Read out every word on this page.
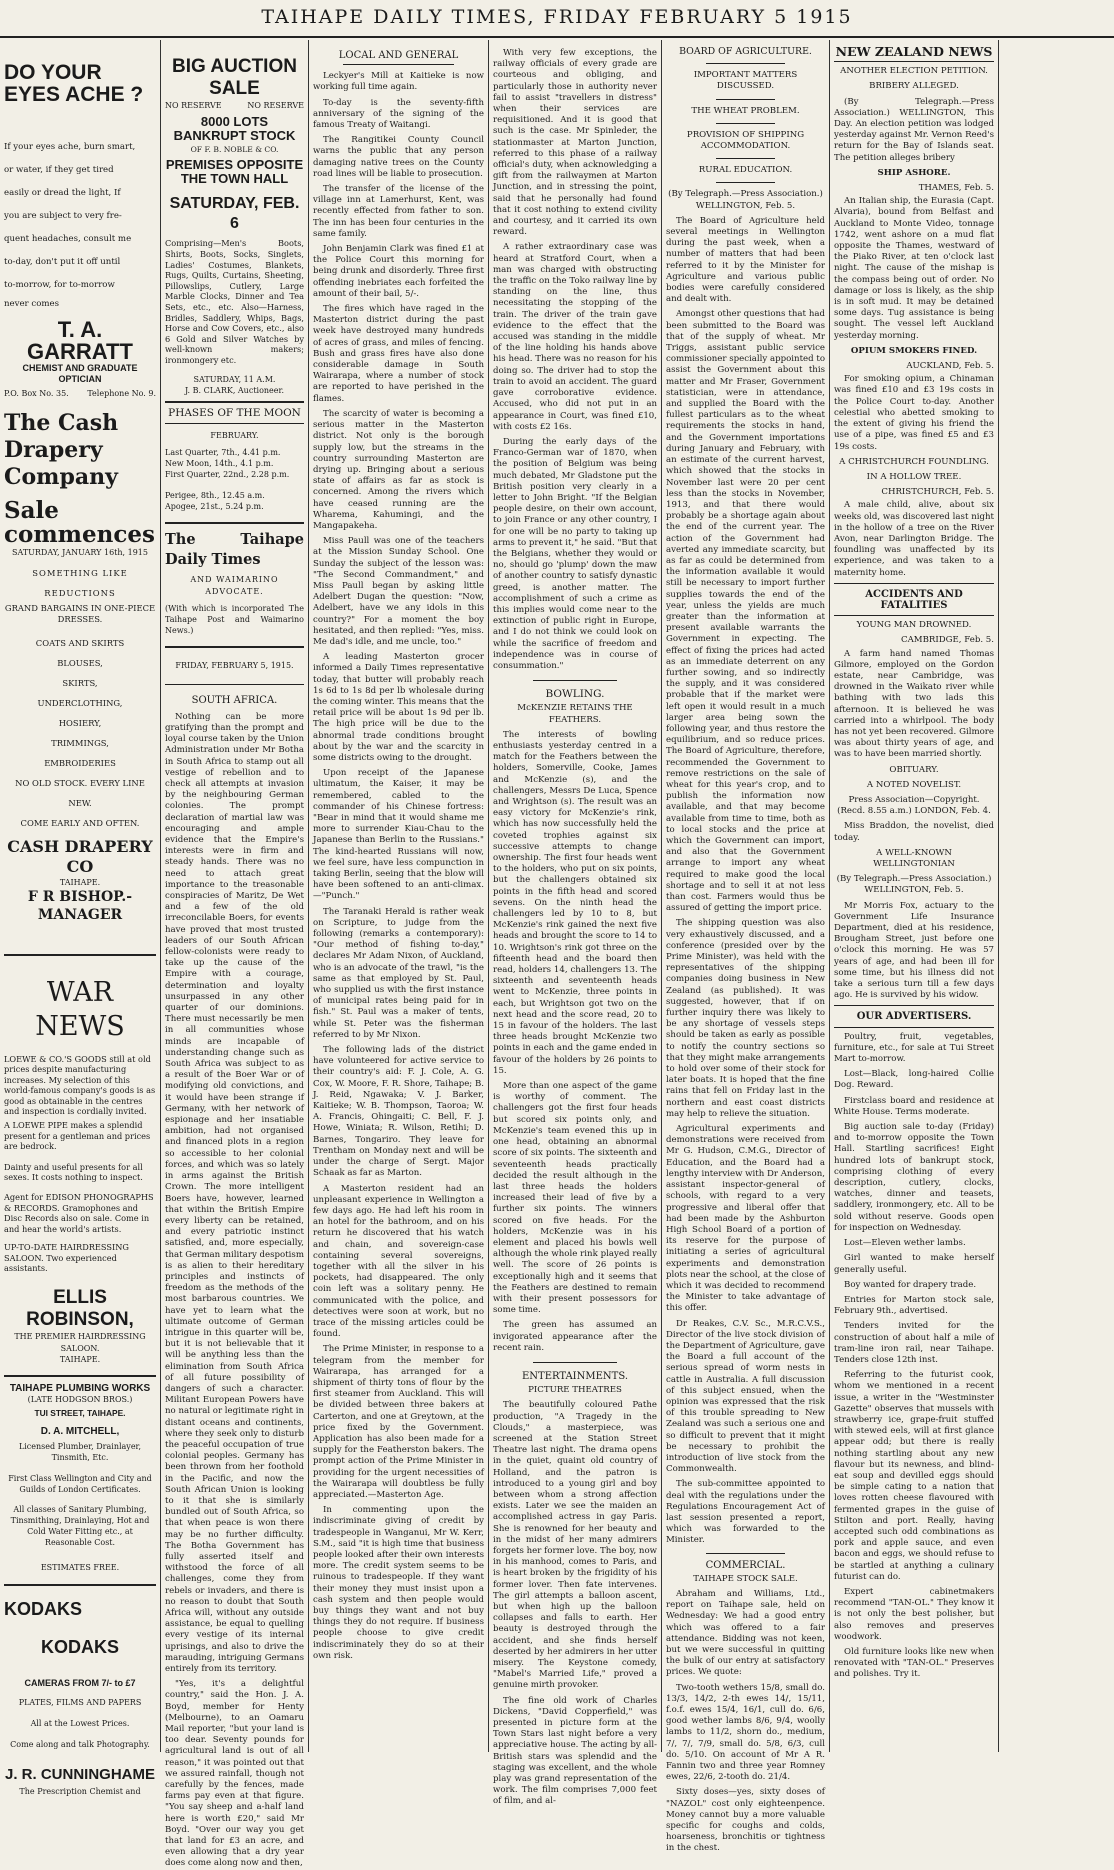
TAIHAPE DAILY TIMES, FRIDAY FEBRUARY 5 1915
DO YOUR EYES ACHE ?
If your eyes ache, burn smart,
or water, if they get tired
easily or dread the light, If
you are subject to very fre-
quent headaches, consult me
to-day, don't put it off until
to-morrow, for to-morrow
never comes
T. A. GARRATT
CHEMIST AND GRADUATE
OPTICIAN
P.O. Box No. 35. Telephone No. 9.
The Cash Drapery Company
Sale commences
SATURDAY, JANUARY 16th, 1915
SOMETHING LIKE REDUCTIONS
GRAND BARGAINS IN ONE-PIECE DRESSES.
COATS AND SKIRTS
BLOUSES,
SKIRTS,
UNDERCLOTHING,
HOSIERY,
TRIMMINGS,
EMBROIDERIES
NO OLD STOCK. EVERY LINE NEW.
COME EARLY AND OFTEN.
CASH DRAPERY CO
TAIHAPE.
F R BISHOP.-MANAGER
WAR NEWS

LOEWE & CO.'S GOODS still at old prices despite manufacturing increases. My selection of this world-famous company's goods is as good as obtainable in the centres and inspection is cordially invited.

A LOEWE PIPE makes a splendid present for a gentleman and prices are bedrock.

Dainty and useful presents for all sexes. It costs nothing to inspect.

Agent for EDISON PHONOGRAPHS & RECORDS. Gramophones and Disc Records also on sale. Come in and hear the world's artists.

UP-TO-DATE HAIRDRESSING SALOON. Two experienced assistants.

ELLIS ROBINSON,
THE PREMIER HAIRDRESSING SALOON.
TAIHAPE.
TAIHAPE PLUMBING WORKS
(LATE HODGSON BROS.)
TUI STREET, TAIHAPE.
D. A. MITCHELL,
Licensed Plumber, Drainlayer, Tinsmith, Etc.
First Class Wellington and City and Guilds of London Certificates.
All classes of Sanitary Plumbing, Tinsmithing, Drainlaying, Hot and Cold Water Fitting etc., at Reasonable Cost.
ESTIMATES FREE.
KODAKS
KODAKS
CAMERAS FROM 7/- to £7
PLATES, FILMS AND PAPERS
All at the Lowest Prices.
Come along and talk Photography.
J. R. CUNNINGHAME
The Prescription Chemist and
BIG AUCTION SALE
NO RESERVE	NO RESERVE
8000 LOTS BANKRUPT STOCK
OF F. B. NOBLE & CO.
PREMISES OPPOSITE THE TOWN HALL
SATURDAY, FEB. 6
Comprising—Men's Boots, Shirts, Boots, Socks, Singlets, Ladies' Costumes, Blankets, Rugs, Quilts, Curtains, Sheeting, Pillowslips, Cutlery, Large Marble Clocks, Dinner and Tea Sets, etc., etc. Also—Harness, Bridles, Saddlery, Whips, Bags, Horse and Cow Covers, etc., also 6 Gold and Silver Watches by well-known makers; ironmongery etc.
SATURDAY, 11 A.M.
J. B. CLARK, Auctioneer.
PHASES OF THE MOON
FEBRUARY.
Last Quarter, 7th., 4.41 p.m.
New Moon, 14th., 4.1 p.m.
First Quarter, 22nd., 2.28 p.m.
Perigee, 8th., 12.45 a.m.
Apogee, 21st., 5.24 p.m.
The Taihape Daily Times
AND WAIMARINO ADVOCATE.
(With which is incorporated The Taihape Post and Waimarino News.)
FRIDAY, FEBRUARY 5, 1915.
SOUTH AFRICA.

Nothing can be more gratifying than the prompt and loyal course taken by the Union Administration under Mr Botha in South Africa to stamp out all vestige of rebellion and to check all attempts at invasion by the neighbouring German colonies. The prompt declaration of martial law was encouraging and ample evidence that the Empire's interests were in firm and steady hands. There was no need to attach great importance to the treasonable conspiracies of Maritz, De Wet and a few of the old irreconcilable Boers, for events have proved that most trusted leaders of our South African fellow-colonists were ready to take up the cause of the Empire with a courage, determination and loyalty unsurpassed in any other quarter of our dominions. There must necessarily be men in all communities whose minds are incapable of understanding change such as South Africa was subject to as a result of the Boer War or of modifying old convictions, and it would have been strange if Germany, with her network of espionage and her insatiable ambition, had not organised and financed plots in a region so accessible to her colonial forces, and which was so lately in arms against the British Crown. The more intelligent Boers have, however, learned that within the British Empire every liberty can be retained, and every patriotic instinct satisfied, and, more especially, that German military despotism is as alien to their hereditary principles and instincts of freedom as the methods of the most barbarous countries. We have yet to learn what the ultimate outcome of German intrigue in this quarter will be, but it is not believable that it will be anything less than the elimination from South Africa of all future possibility of dangers of such a character. Militant European Powers have no natural or legitimate right in distant oceans and continents, where they seek only to disturb the peaceful occupation of true colonial peoples. Germany has been thrown from her foothold in the Pacific, and now the South African Union is looking to it that she is similarly bundled out of South Africa, so that when peace is won there may be no further difficulty. The Botha Government has fully asserted itself and withstood the force of all challenges, come they from rebels or invaders, and there is no reason to doubt that South Africa will, without any outside assistance, be equal to quelling every vestige of its internal uprisings, and also to drive the marauding, intriguing Germans entirely from its territory.

"Yes, it's a delightful country," said the Hon. J. A. Boyd, member for Henty (Melbourne), to an Oamaru Mail reporter, "but your land is too dear. Seventy pounds for agricultural land is out of all reason," it was pointed out that we assured rainfall, though not carefully by the fences, made farms pay even at that figure. "You say sheep and a-half land here is worth £20," said Mr Boyd. "Over our way you get that land for £3 an acre, and even allowing that a dry year does come along now and then,

LOCAL AND GENERAL

Leckyer's Mill at Kaitieke is now working full time again.

To-day is the seventy-fifth anniversary of the signing of the famous Treaty of Waitangi.

The Rangitikei County Council warns the public that any person damaging native trees on the County road lines will be liable to prosecution.

The transfer of the license of the village inn at Lamerhurst, Kent, was recently effected from father to son. The inn has been four centuries in the same family.

John Benjamin Clark was fined £1 at the Police Court this morning for being drunk and disorderly. Three first offending inebriates each forfeited the amount of their bail, 5/-.

The fires which have raged in the Masterton district during the past week have destroyed many hundreds of acres of grass, and miles of fencing. Bush and grass fires have also done considerable damage in South Wairarapa, where a number of stock are reported to have perished in the flames.

The scarcity of water is becoming a serious matter in the Masterton district. Not only is the borough supply low, but the streams in the country surrounding Masterton are drying up. Bringing about a serious state of affairs as far as stock is concerned. Among the rivers which have ceased running are the Wharema, Kahumingi, and the Mangapakeha.

Miss Paull was one of the teachers at the Mission Sunday School. One Sunday the subject of the lesson was: "The Second Commandment," and Miss Paull began by asking little Adelbert Dugan the question: "Now, Adelbert, have we any idols in this country?" For a moment the boy hesitated, and then replied: "Yes, miss. Me dad's idle, and me uncle, too."

A leading Masterton grocer informed a Daily Times representative today, that butter will probably reach 1s 6d to 1s 8d per lb wholesale during the coming winter. This means that the retail price will be about 1s 9d per lb. The high price will be due to the abnormal trade conditions brought about by the war and the scarcity in some districts owing to the drought.

Upon receipt of the Japanese ultimatum, the Kaiser, it may be remembered, cabled to the commander of his Chinese fortress: "Bear in mind that it would shame me more to surrender Kiau-Chau to the Japanese than Berlin to the Russians." The kind-hearted Russians will now, we feel sure, have less compunction in taking Berlin, seeing that the blow will have been softened to an anti-climax.—"Punch."

The Taranaki Herald is rather weak on Scripture, to judge from the following (remarks a contemporary): "Our method of fishing to-day," declares Mr Adam Nixon, of Auckland, who is an advocate of the trawl, "is the same as that employed by St. Paul, who supplied us with the first instance of municipal rates being paid for in fish." St. Paul was a maker of tents, while St. Peter was the fisherman referred to by Mr Nixon.

The following lads of the district have volunteered for active service to their country's aid: F. J. Cole, A. G. Cox, W. Moore, F. R. Shore, Taihape; B. J. Reid, Ngawaka; V. J. Barker, Kaitieke; W. B. Thompson, Taoroa; W. A. Francis, Ohingaiti; C. Bell, F. J. Howe, Winiata; R. Wilson, Retihi; D. Barnes, Tongariro. They leave for Trentham on Monday next and will be under the charge of Sergt. Major Schaak as far as Marton.

A Masterton resident had an unpleasant experience in Wellington a few days ago. He had left his room in an hotel for the bathroom, and on his return he discovered that his watch and chain, and sovereign-case containing several sovereigns, together with all the silver in his pockets, had disappeared. The only coin left was a solitary penny. He communicated with the police, and detectives were soon at work, but no trace of the missing articles could be found.

The Prime Minister, in response to a telegram from the member for Wairarapa, has arranged for a shipment of thirty tons of flour by the first steamer from Auckland. This will be divided between three bakers at Carterton, and one at Greytown, at the price fixed by the Government. Application has also been made for a supply for the Featherston bakers. The prompt action of the Prime Minister in providing for the urgent necessities of the Wairarapa will doubtless be fully appreciated.—Masterton Age.

In commenting upon the indiscriminate giving of credit by tradespeople in Wanganui, Mr W. Kerr, S.M., said "it is high time that business people looked after their own interests more. The credit system seems to be ruinous to tradespeople. If they want their money they must insist upon a cash system and then people would buy things they want and not buy things they do not require. If business people choose to give credit indiscriminately they do so at their own risk.

With very few exceptions, the railway officials of every grade are courteous and obliging, and particularly those in authority never fail to assist "travellers in distress" when their services are requisitioned. And it is good that such is the case. Mr Spinleder, the stationmaster at Marton Junction, referred to this phase of a railway official's duty, when acknowledging a gift from the railwaymen at Marton Junction, and in stressing the point, said that he personally had found that it cost nothing to extend civility and courtesy, and it carried its own reward.

A rather extraordinary case was heard at Stratford Court, when a man was charged with obstructing the traffic on the Toko railway line by standing on the line, thus necessitating the stopping of the train. The driver of the train gave evidence to the effect that the accused was standing in the middle of the line holding his hands above his head. There was no reason for his doing so. The driver had to stop the train to avoid an accident. The guard gave corroborative evidence. Accused, who did not put in an appearance in Court, was fined £10, with costs £2 16s.

During the early days of the Franco-German war of 1870, when the position of Belgium was being much debated, Mr Gladstone put the British position very clearly in a letter to John Bright. "If the Belgian people desire, on their own account, to join France or any other country, I for one will be no party to taking up arms to prevent it," he said. "But that the Belgians, whether they would or no, should go 'plump' down the maw of another country to satisfy dynastic greed, is another matter. The accomplishment of such a crime as this implies would come near to the extinction of public right in Europe, and I do not think we could look on while the sacrifice of freedom and independence was in course of consummation."

BOWLING.
McKENZIE RETAINS THE FEATHERS.

The interests of bowling enthusiasts yesterday centred in a match for the Feathers between the holders, Somerville, Cooke, James and McKenzie (s), and the challengers, Messrs De Luca, Spence and Wrightson (s). The result was an easy victory for McKenzie's rink, which has now successfully held the coveted trophies against six successive attempts to change ownership. The first four heads went to the holders, who put on six points, but the challengers obtained six points in the fifth head and scored sevens. On the ninth head the challengers led by 10 to 8, but McKenzie's rink gained the next five heads and brought the score to 14 to 10. Wrightson's rink got three on the fifteenth head and the board then read, holders 14, challengers 13. The sixteenth and seventeenth heads went to McKenzie, three points in each, but Wrightson got two on the next head and the score read, 20 to 15 in favour of the holders. The last three heads brought McKenzie two points in each and the game ended in favour of the holders by 26 points to 15.

More than one aspect of the game is worthy of comment. The challengers got the first four heads but scored six points only, and McKenzie's team evened this up in one head, obtaining an abnormal score of six points. The sixteenth and seventeenth heads practically decided the result although in the last three heads the holders increased their lead of five by a further six points. The winners scored on five heads. For the holders, McKenzie was in his element and placed his bowls well although the whole rink played really well. The score of 26 points is exceptionally high and it seems that the Feathers are destined to remain with their present possessors for some time.

The green has assumed an invigorated appearance after the recent rain.

ENTERTAINMENTS.
PICTURE THEATRES

The beautifully coloured Pathe production, "A Tragedy in the Clouds," a masterpiece, was screened at the Station Street Theatre last night. The drama opens in the quiet, quaint old country of Holland, and the patron is introduced to a young girl and boy between whom a strong affection exists. Later we see the maiden an accomplished actress in gay Paris. She is renowned for her beauty and in the midst of her many admirers forgets her former love. The boy, now in his manhood, comes to Paris, and is heart broken by the frigidity of his former lover. Then fate intervenes. The girl attempts a balloon ascent, but when high up the balloon collapses and falls to earth. Her beauty is destroyed through the accident, and she finds herself deserted by her admirers in her utter misery. The Keystone comedy, "Mabel's Married Life," proved a genuine mirth provoker.

The fine old work of Charles Dickens, "David Copperfield," was presented in picture form at the Town Stars last night before a very appreciative house. The acting by all-British stars was splendid and the staging was excellent, and the whole play was grand representation of the work. The film comprises 7,000 feet of film, and al-

BOARD OF AGRICULTURE.
IMPORTANT MATTERS DISCUSSED.
THE WHEAT PROBLEM.
PROVISION OF SHIPPING ACCOMMODATION.
RURAL EDUCATION.
(By Telegraph.—Press Association.) WELLINGTON, Feb. 5.

The Board of Agriculture held several meetings in Wellington during the past week, when a number of matters that had been referred to it by the Minister for Agriculture and various public bodies were carefully considered and dealt with.

Amongst other questions that had been submitted to the Board was that of the supply of wheat. Mr Triggs, assistant public service commissioner specially appointed to assist the Government about this matter and Mr Fraser, Government statistician, were in attendance, and supplied the Board with the fullest particulars as to the wheat requirements the stocks in hand, and the Government importations during January and February, with an estimate of the current harvest, which showed that the stocks in November last were 20 per cent less than the stocks in November, 1913, and that there would probably be a shortage again about the end of the current year. The action of the Government had averted any immediate scarcity, but as far as could be determined from the information available it would still be necessary to import further supplies towards the end of the year, unless the yields are much greater than the information at present available warrants the Government in expecting. The effect of fixing the prices had acted as an immediate deterrent on any further sowing, and so indirectly the supply, and it was considered probable that if the market were left open it would result in a much larger area being sown the following year, and thus restore the equilibrium, and so reduce prices. The Board of Agriculture, therefore, recommended the Government to remove restrictions on the sale of wheat for this year's crop, and to publish the information now available, and that may become available from time to time, both as to local stocks and the price at which the Government can import, and also that the Government arrange to import any wheat required to make good the local shortage and to sell it at not less than cost. Farmers would thus be assured of getting the import price.

The shipping question was also very exhaustively discussed, and a conference (presided over by the Prime Minister), was held with the representatives of the shipping companies doing business in New Zealand (as published). It was suggested, however, that if on further inquiry there was likely to be any shortage of vessels steps should be taken as early as possible to notify the country sections so that they might make arrangements to hold over some of their stock for later boats. It is hoped that the fine rains that fell on Friday last in the northern and east coast districts may help to relieve the situation.

Agricultural experiments and demonstrations were received from Mr G. Hudson, C.M.G., Director of Education, and the Board had a lengthy interview with Dr Anderson, assistant inspector-general of schools, with regard to a very progressive and liberal offer that had been made by the Ashburton High School Board of a portion of its reserve for the purpose of initiating a series of agricultural experiments and demonstration plots near the school, at the close of which it was decided to recommend the Minister to take advantage of this offer.

Dr Reakes, C.V. Sc., M.R.C.V.S., Director of the live stock division of the Department of Agriculture, gave the Board a full account of the serious spread of worm nests in cattle in Australia. A full discussion of this subject ensued, when the opinion was expressed that the risk of this trouble spreading to New Zealand was such a serious one and so difficult to prevent that it might be necessary to prohibit the introduction of live stock from the Commonwealth.

The sub-committee appointed to deal with the regulations under the Regulations Encouragement Act of last session presented a report, which was forwarded to the Minister.

COMMERCIAL.
TAIHAPE STOCK SALE.

Abraham and Williams, Ltd., report on Taihape sale, held on Wednesday: We had a good entry which was offered to a fair attendance. Bidding was not keen, but we were successful in quitting the bulk of our entry at satisfactory prices. We quote:

Two-tooth wethers 15/8, small do. 13/3, 14/2, 2-th ewes 14/, 15/11, f.o.f. ewes 15/4, 16/1, cull do. 6/6, good wether lambs 8/6, 9/4, woolly lambs to 11/2, shorn do., medium, 7/, 7/, 7/9, small do. 5/8, 6/3, cull do. 5/10. On account of Mr A R. Fannin two and three year Romney ewes, 22/6, 2-tooth do. 21/4.

Sixty doses—yes, sixty doses of "NAZOL" cost only eighteenpence. Money cannot buy a more valuable specific for coughs and colds, hoarseness, bronchitis or tightness in the chest.

NEW ZEALAND NEWS
ANOTHER ELECTION PETITION.
BRIBERY ALLEGED.

(By Telegraph.—Press Association.) WELLINGTON, This Day. An election petition was lodged yesterday against Mr. Vernon Reed's return for the Bay of Islands seat. The petition alleges bribery

SHIP ASHORE.
THAMES, Feb. 5.

An Italian ship, the Eurasia (Capt. Alvaria), bound from Belfast and Auckland to Monte Video, tonnage 1742, went ashore on a mud flat opposite the Thames, westward of the Piako River, at ten o'clock last night. The cause of the mishap is the compass being out of order. No damage or loss is likely, as the ship is in soft mud. It may be detained some days. Tug assistance is being sought. The vessel left Auckland yesterday morning.

OPIUM SMOKERS FINED.
AUCKLAND, Feb. 5.

For smoking opium, a Chinaman was fined £10 and £3 19s costs in the Police Court to-day. Another celestial who abetted smoking to the extent of giving his friend the use of a pipe, was fined £5 and £3 19s costs.

A CHRISTCHURCH FOUNDLING.
IN A HOLLOW TREE.
CHRISTCHURCH, Feb. 5.

A male child, alive, about six weeks old, was discovered last night in the hollow of a tree on the River Avon, near Darlington Bridge. The foundling was unaffected by its experience, and was taken to a maternity home.

ACCIDENTS AND FATALITIES
YOUNG MAN DROWNED.
CAMBRIDGE, Feb. 5.

A farm hand named Thomas Gilmore, employed on the Gordon estate, near Cambridge, was drowned in the Waikato river while bathing with two lads this afternoon. It is believed he was carried into a whirlpool. The body has not yet been recovered. Gilmore was about thirty years of age, and was to have been married shortly.

OBITUARY.
A NOTED NOVELIST.

Press Association—Copyright. (Recd. 8.55 a.m.) LONDON, Feb. 4.

Miss Braddon, the novelist, died today.

A WELL-KNOWN WELLINGTONIAN
(By Telegraph.—Press Association.) WELLINGTON, Feb. 5.

Mr Morris Fox, actuary to the Government Life Insurance Department, died at his residence, Brougham Street, just before one o'clock this morning. He was 57 years of age, and had been ill for some time, but his illness did not take a serious turn till a few days ago. He is survived by his widow.

OUR ADVERTISERS.

Poultry, fruit, vegetables, furniture, etc., for sale at Tui Street Mart to-morrow.

Lost—Black, long-haired Collie Dog. Reward.

Firstclass board and residence at White House. Terms moderate.

Big auction sale to-day (Friday) and to-morrow opposite the Town Hall. Startling sacrifices! Eight hundred lots of bankrupt stock, comprising clothing of every description, cutlery, clocks, watches, dinner and teasets, saddlery, ironmongery, etc. All to be sold without reserve. Goods open for inspection on Wednesday.

Lost—Eleven wether lambs.

Girl wanted to make herself generally useful.

Boy wanted for drapery trade.

Entries for Marton stock sale, February 9th., advertised.

Tenders invited for the construction of about half a mile of tram-line iron rail, near Taihape. Tenders close 12th inst.

Referring to the futurist cook, whom we mentioned in a recent issue, a writer in the "Westminster Gazette" observes that mussels with strawberry ice, grape-fruit stuffed with stewed eels, will at first glance appear odd; but there is really nothing startling about any new flavour but its newness, and blind-eat soup and devilled eggs should be simple cating to a nation that loves rotten cheese flavoured with fermented grapes in the guise of Stilton and port. Really, having accepted such odd combinations as pork and apple sauce, and even bacon and eggs, we should refuse to be startled at anything a culinary futurist can do.

Expert cabinetmakers recommend "TAN-OL." They know it is not only the best polisher, but also removes and preserves woodwork.

Old furniture looks like new when renovated with "TAN-OL." Preserves and polishes. Try it.
